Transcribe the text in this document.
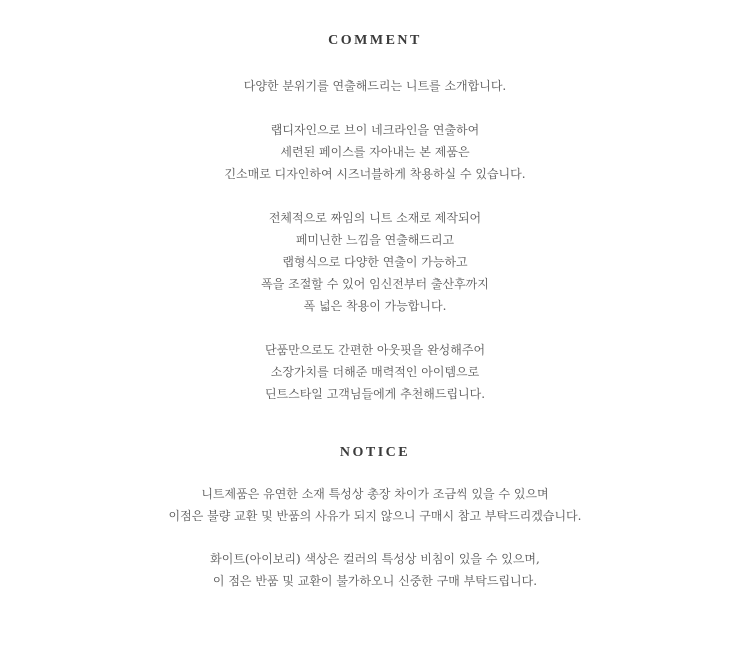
COMMENT
다양한 분위기를 연출해드리는 니트를 소개합니다.
랩디자인으로 브이 네크라인을 연출하여
세련된 페이스를 자아내는 본 제품은
긴소매로 디자인하여 시즈너블하게 착용하실 수 있습니다.
전체적으로 짜임의 니트 소재로 제작되어
페미닌한 느낌을 연출해드리고
랩형식으로 다양한 연출이 가능하고
폭을 조절할 수 있어 임신전부터 출산후까지
폭 넓은 착용이 가능합니다.
단품만으로도 간편한 아웃핏을 완성해주어
소장가치를 더해준 매력적인 아이템으로
딘트스타일 고객님들에게 추천해드립니다.
NOTICE
니트제품은 유연한 소재 특성상 총장 차이가 조금씩 있을 수 있으며
이점은 불량 교환 및 반품의 사유가 되지 않으니 구매시 참고 부탁드리겠습니다.
화이트(아이보리) 색상은 컬러의 특성상 비침이 있을 수 있으며,
이 점은 반품 및 교환이 불가하오니 신중한 구매 부탁드립니다.
